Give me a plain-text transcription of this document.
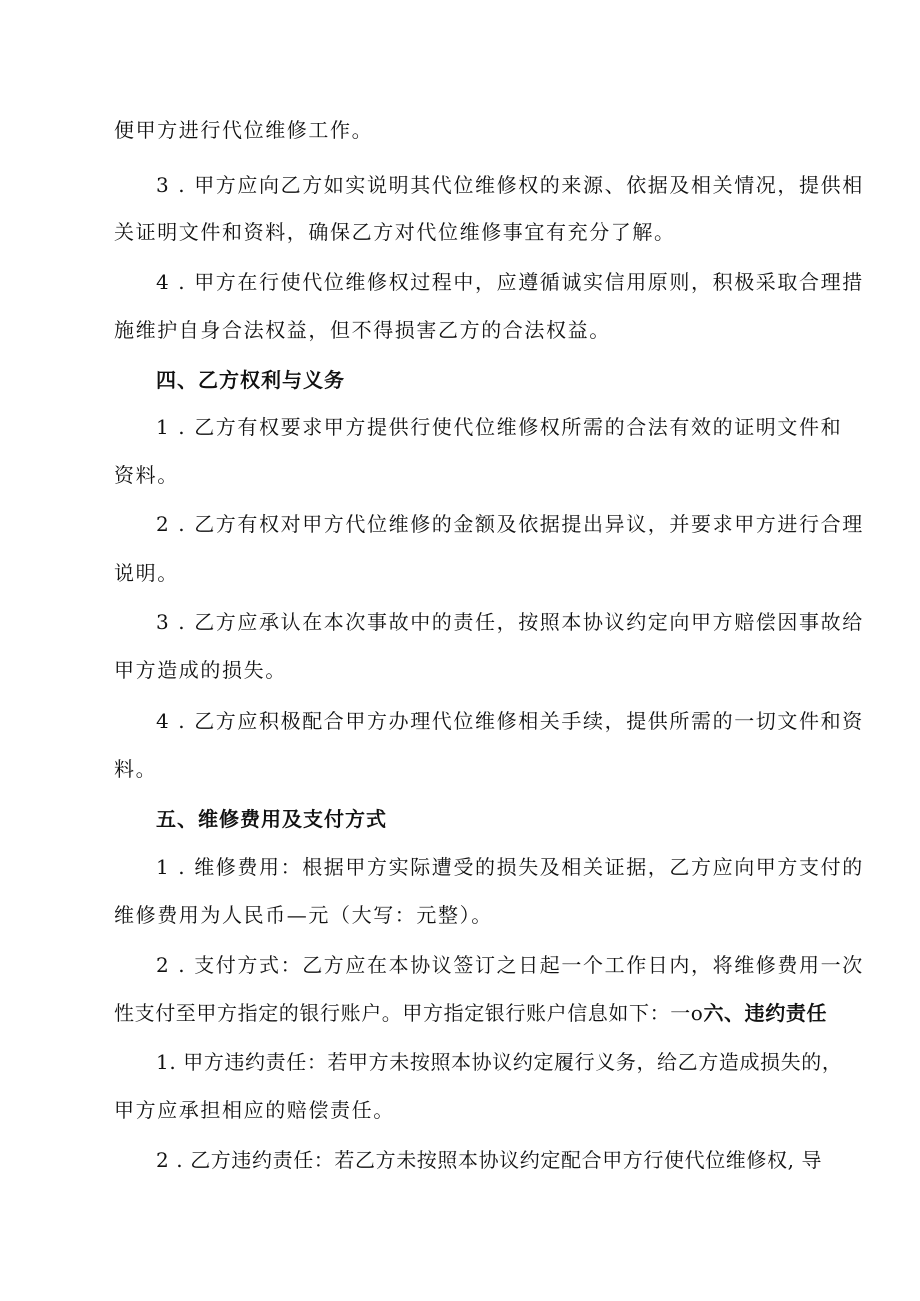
便甲方进行代位维修工作。
3 . 甲方应向乙方如实说明其代位维修权的来源、依据及相关情况，提供相
关证明文件和资料，确保乙方对代位维修事宜有充分了解。
4 . 甲方在行使代位维修权过程中，应遵循诚实信用原则，积极采取合理措
施维护自身合法权益，但不得损害乙方的合法权益。
四、乙方权利与义务
1 . 乙方有权要求甲方提供行使代位维修权所需的合法有效的证明文件和
资料。
2 . 乙方有权对甲方代位维修的金额及依据提出异议，并要求甲方进行合理
说明。
3 . 乙方应承认在本次事故中的责任，按照本协议约定向甲方赔偿因事故给
甲方造成的损失。
4 . 乙方应积极配合甲方办理代位维修相关手续，提供所需的一切文件和资
料。
五、维修费用及支付方式
1 . 维修费用：根据甲方实际遭受的损失及相关证据，乙方应向甲方支付的
维修费用为人民币—元（大写：元整）。
2 . 支付方式：乙方应在本协议签订之日起一个工作日内，将维修费用一次
性支付至甲方指定的银行账户。甲方指定银行账户信息如下：一o六、违约责任
1. 甲方违约责任：若甲方未按照本协议约定履行义务，给乙方造成损失的，
甲方应承担相应的赔偿责任。
2 . 乙方违约责任：若乙方未按照本协议约定配合甲方行使代位维修权, 导
